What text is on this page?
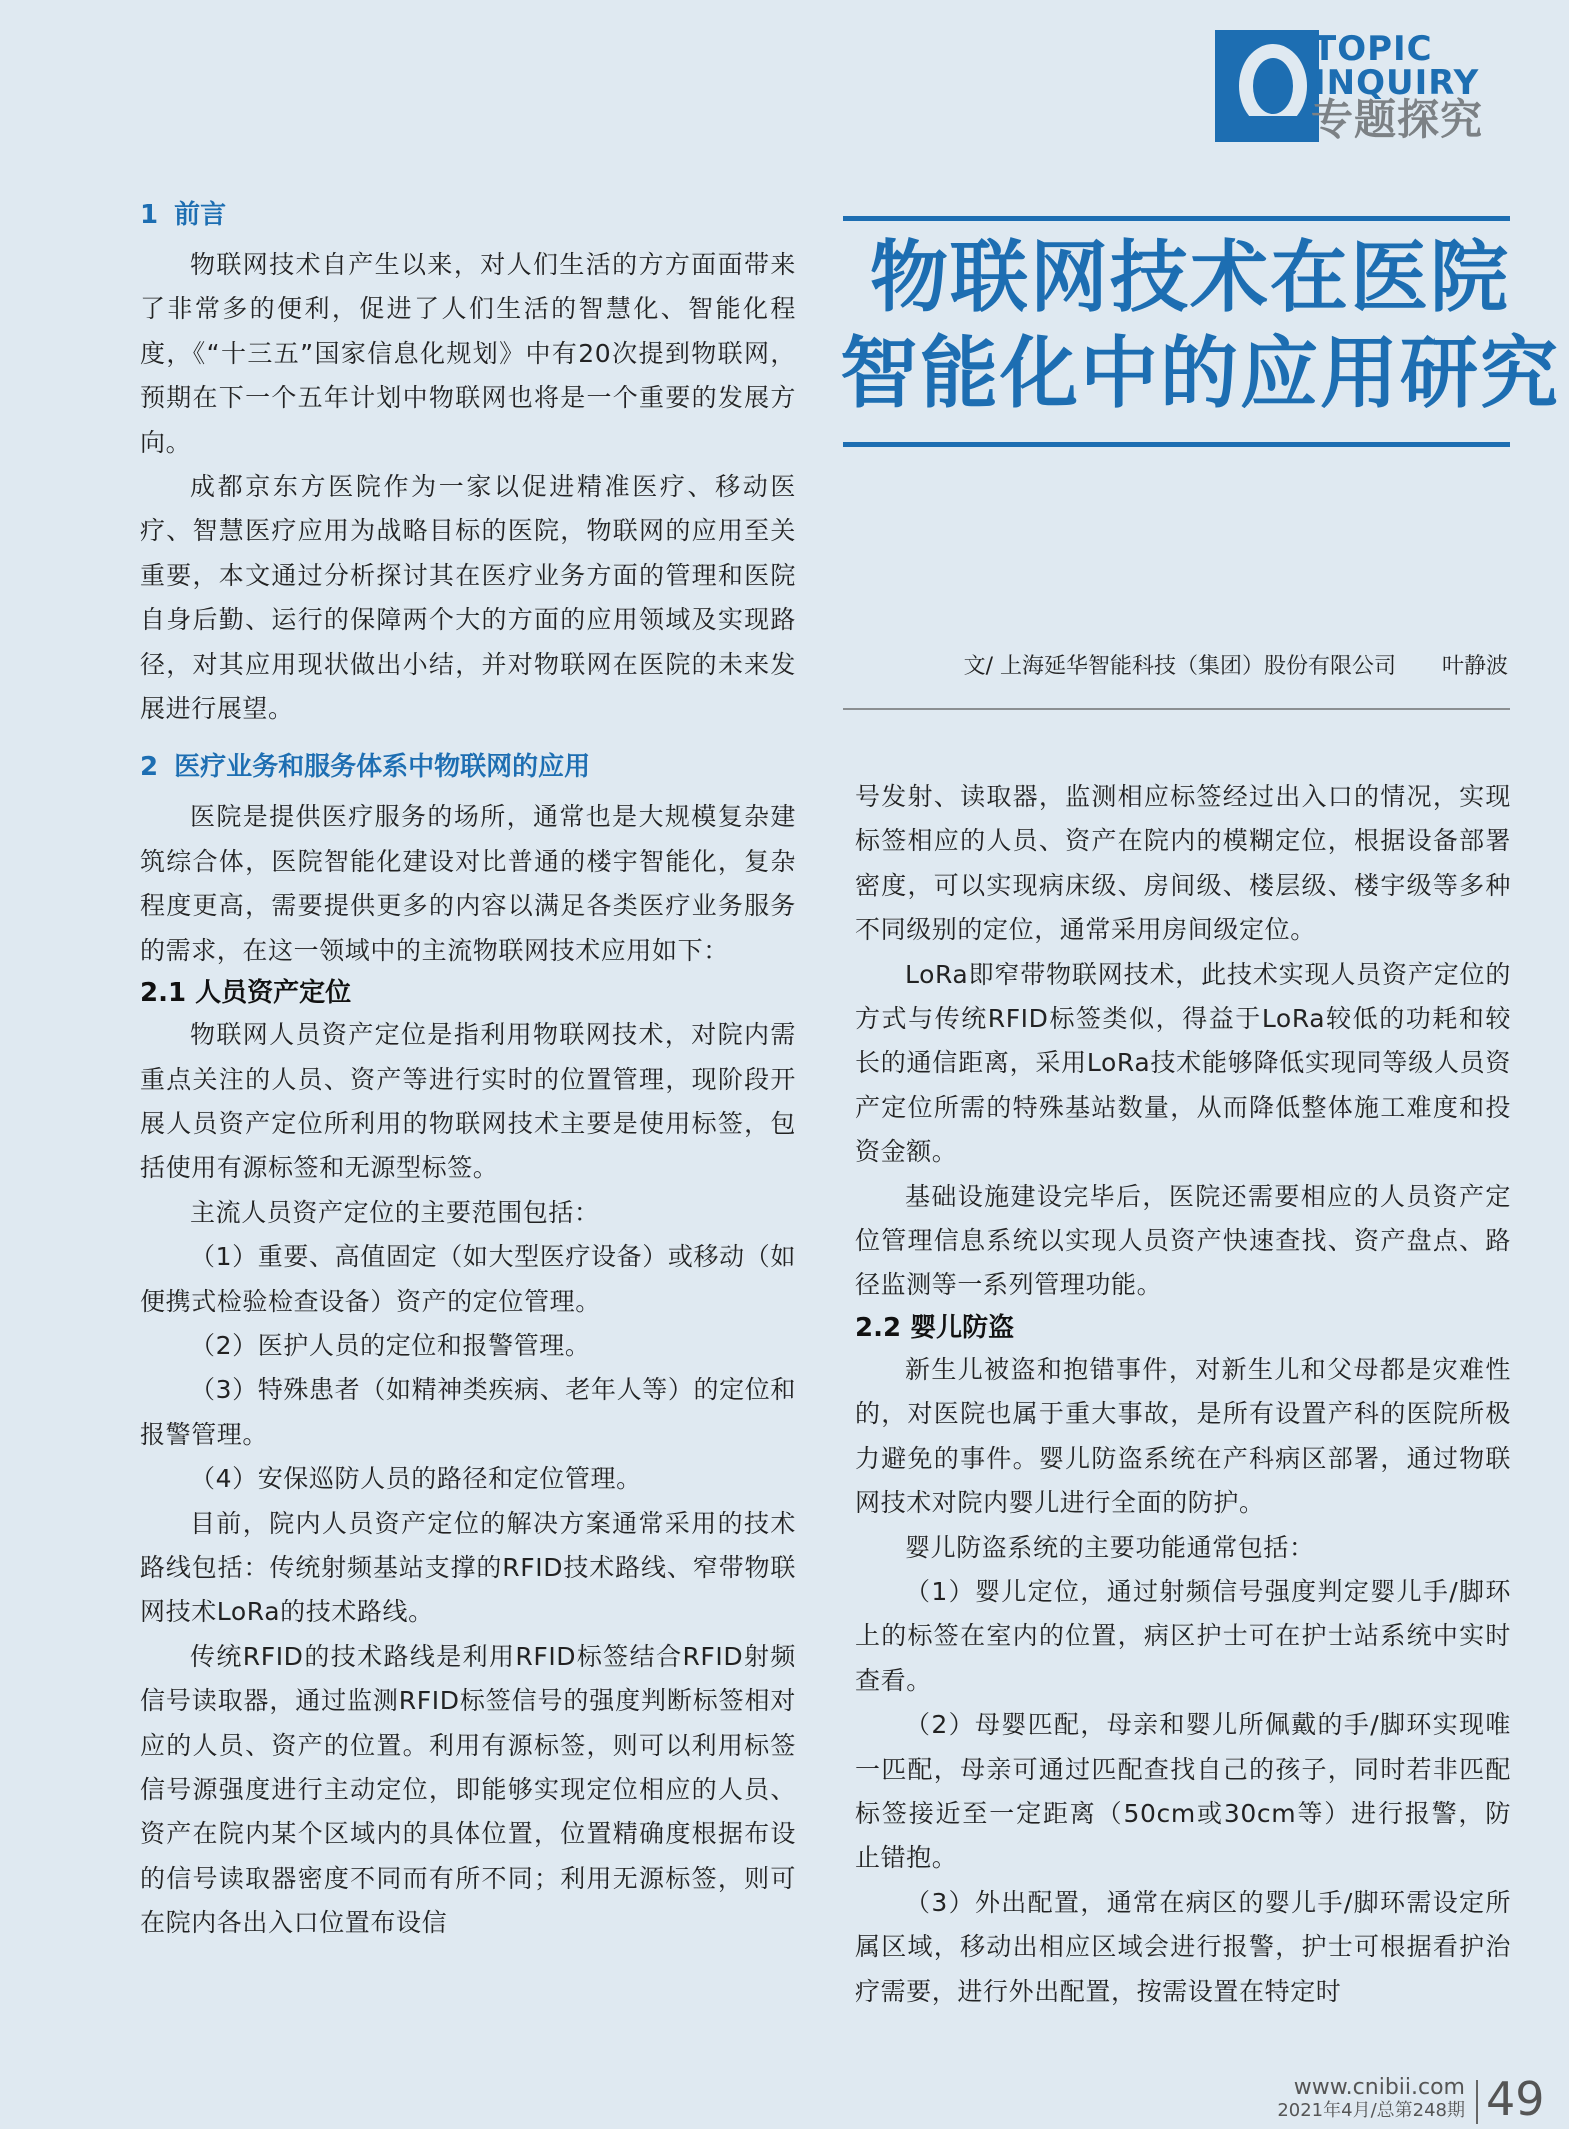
TOPIC
INQUIRY
专题探究
物联网技术在医院
智能化中的应用研究
文/ 上海延华智能科技（集团）股份有限公司 叶静波
1 前言

物联网技术自产生以来，对人们生活的方方面面带来了非常多的便利，促进了人们生活的智慧化、智能化程度，《“十三五”国家信息化规划》中有20次提到物联网，预期在下一个五年计划中物联网也将是一个重要的发展方向。

成都京东方医院作为一家以促进精准医疗、移动医疗、智慧医疗应用为战略目标的医院，物联网的应用至关重要，本文通过分析探讨其在医疗业务方面的管理和医院自身后勤、运行的保障两个大的方面的应用领域及实现路径，对其应用现状做出小结，并对物联网在医院的未来发展进行展望。

2 医疗业务和服务体系中物联网的应用

医院是提供医疗服务的场所，通常也是大规模复杂建筑综合体，医院智能化建设对比普通的楼宇智能化，复杂程度更高，需要提供更多的内容以满足各类医疗业务服务的需求，在这一领域中的主流物联网技术应用如下：

2.1 人员资产定位

物联网人员资产定位是指利用物联网技术，对院内需重点关注的人员、资产等进行实时的位置管理，现阶段开展人员资产定位所利用的物联网技术主要是使用标签，包括使用有源标签和无源型标签。

主流人员资产定位的主要范围包括：

（1）重要、高值固定（如大型医疗设备）或移动（如便携式检验检查设备）资产的定位管理。

（2）医护人员的定位和报警管理。

（3）特殊患者（如精神类疾病、老年人等）的定位和报警管理。

（4）安保巡防人员的路径和定位管理。

目前，院内人员资产定位的解决方案通常采用的技术路线包括：传统射频基站支撑的RFID技术路线、窄带物联网技术LoRa的技术路线。

传统RFID的技术路线是利用RFID标签结合RFID射频信号读取器，通过监测RFID标签信号的强度判断标签相对应的人员、资产的位置。利用有源标签，则可以利用标签信号源强度进行主动定位，即能够实现定位相应的人员、资产在院内某个区域内的具体位置，位置精确度根据布设的信号读取器密度不同而有所不同；利用无源标签，则可在院内各出入口位置布设信

号发射、读取器，监测相应标签经过出入口的情况，实现标签相应的人员、资产在院内的模糊定位，根据设备部署密度，可以实现病床级、房间级、楼层级、楼宇级等多种不同级别的定位，通常采用房间级定位。

LoRa即窄带物联网技术，此技术实现人员资产定位的方式与传统RFID标签类似，得益于LoRa较低的功耗和较长的通信距离，采用LoRa技术能够降低实现同等级人员资产定位所需的特殊基站数量，从而降低整体施工难度和投资金额。

基础设施建设完毕后，医院还需要相应的人员资产定位管理信息系统以实现人员资产快速查找、资产盘点、路径监测等一系列管理功能。

2.2 婴儿防盗

新生儿被盗和抱错事件，对新生儿和父母都是灾难性的，对医院也属于重大事故，是所有设置产科的医院所极力避免的事件。婴儿防盗系统在产科病区部署，通过物联网技术对院内婴儿进行全面的防护。

婴儿防盗系统的主要功能通常包括：

（1）婴儿定位，通过射频信号强度判定婴儿手/脚环上的标签在室内的位置，病区护士可在护士站系统中实时查看。

（2）母婴匹配，母亲和婴儿所佩戴的手/脚环实现唯一匹配，母亲可通过匹配查找自己的孩子，同时若非匹配标签接近至一定距离（50cm或30cm等）进行报警，防止错抱。

（3）外出配置，通常在病区的婴儿手/脚环需设定所属区域，移动出相应区域会进行报警，护士可根据看护治疗需要，进行外出配置，按需设置在特定时

www.cnibii.com
2021年4月/总第248期 49
